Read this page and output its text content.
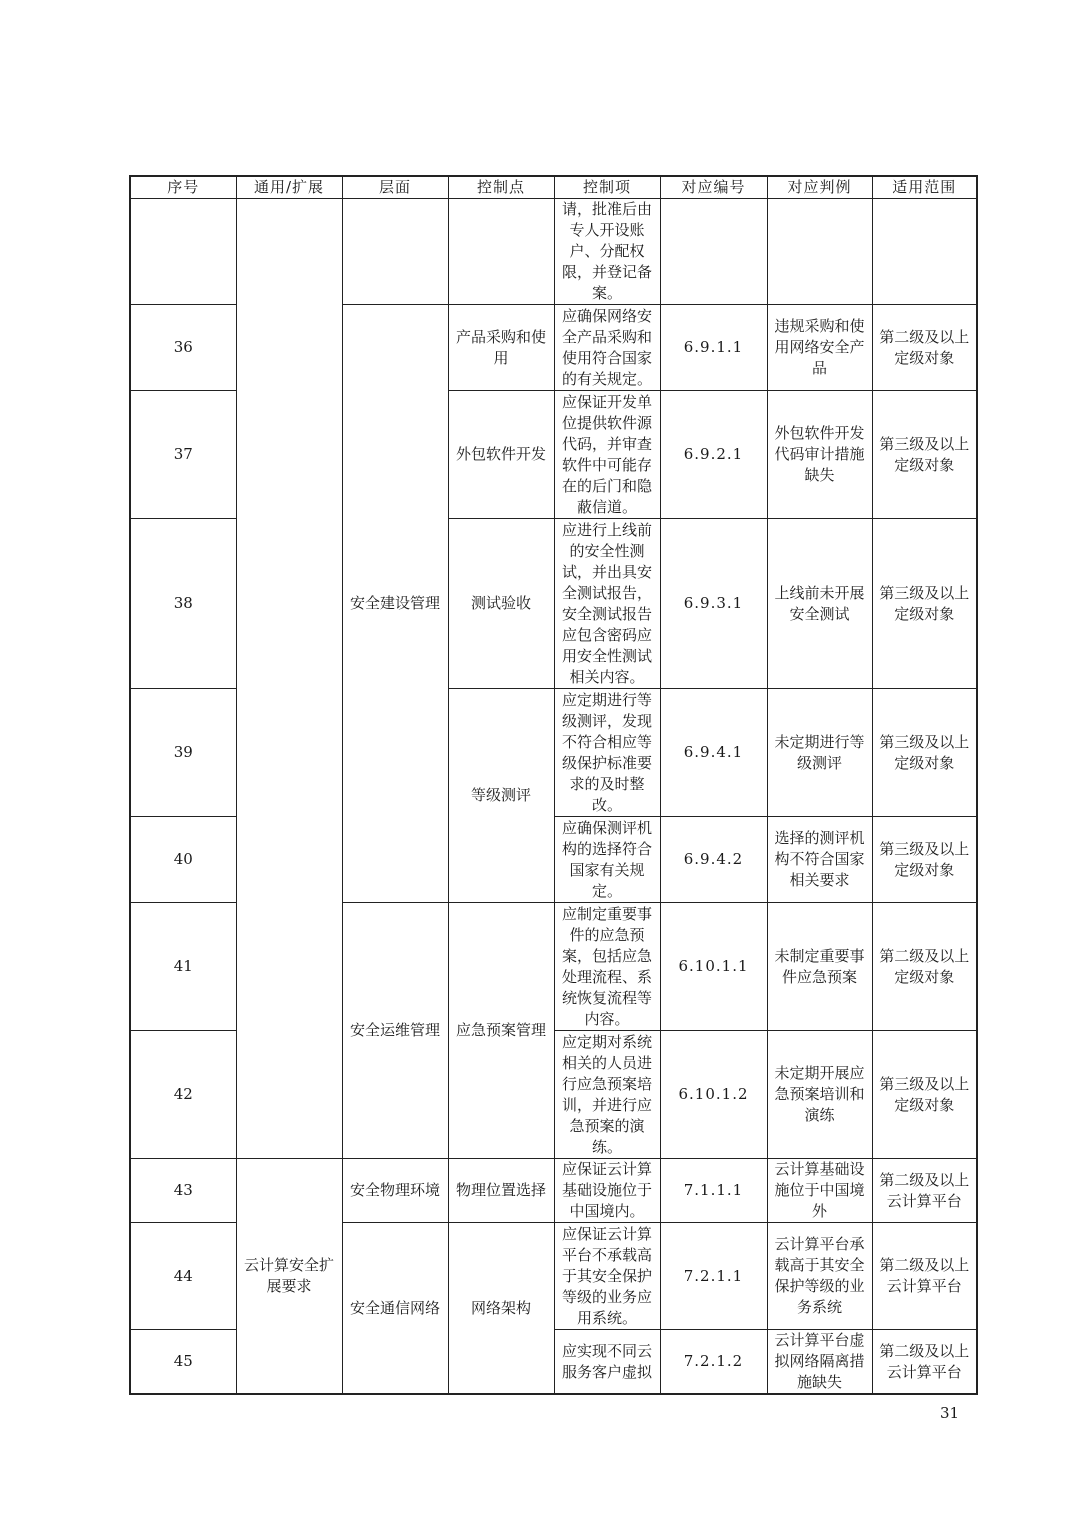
序号	通用/扩展	层面	控制点	控制项	对应编号	对应判例	适用范围
				请，批准后由专人开设账户、分配权限，并登记备案。			
36		安全建设管理	产品采购和使用	应确保网络安全产品采购和使用符合国家的有关规定。	6.9.1.1	违规采购和使用网络安全产品	第二级及以上定级对象
37			外包软件开发	应保证开发单位提供软件源代码，并审查软件中可能存在的后门和隐蔽信道。	6.9.2.1	外包软件开发代码审计措施缺失	第三级及以上定级对象
38			测试验收	应进行上线前的安全性测试，并出具安全测试报告，安全测试报告应包含密码应用安全性测试相关内容。	6.9.3.1	上线前未开展安全测试	第三级及以上定级对象
39			等级测评	应定期进行等级测评，发现不符合相应等级保护标准要求的及时整改。	6.9.4.1	未定期进行等级测评	第三级及以上定级对象
40				应确保测评机构的选择符合国家有关规定。	6.9.4.2	选择的测评机构不符合国家相关要求	第三级及以上定级对象
41		安全运维管理	应急预案管理	应制定重要事件的应急预案，包括应急处理流程、系统恢复流程等内容。	6.10.1.1	未制定重要事件应急预案	第二级及以上定级对象
42				应定期对系统相关的人员进行应急预案培训，并进行应急预案的演练。	6.10.1.2	未定期开展应急预案培训和演练	第三级及以上定级对象
43	云计算安全扩展要求	安全物理环境	物理位置选择	应保证云计算基础设施位于中国境内。	7.1.1.1	云计算基础设施位于中国境外	第二级及以上云计算平台
44		安全通信网络	网络架构	应保证云计算平台不承载高于其安全保护等级的业务应用系统。	7.2.1.1	云计算平台承载高于其安全保护等级的业务系统	第二级及以上云计算平台
45				应实现不同云服务客户虚拟	7.2.1.2	云计算平台虚拟网络隔离措施缺失	第二级及以上云计算平台
31
